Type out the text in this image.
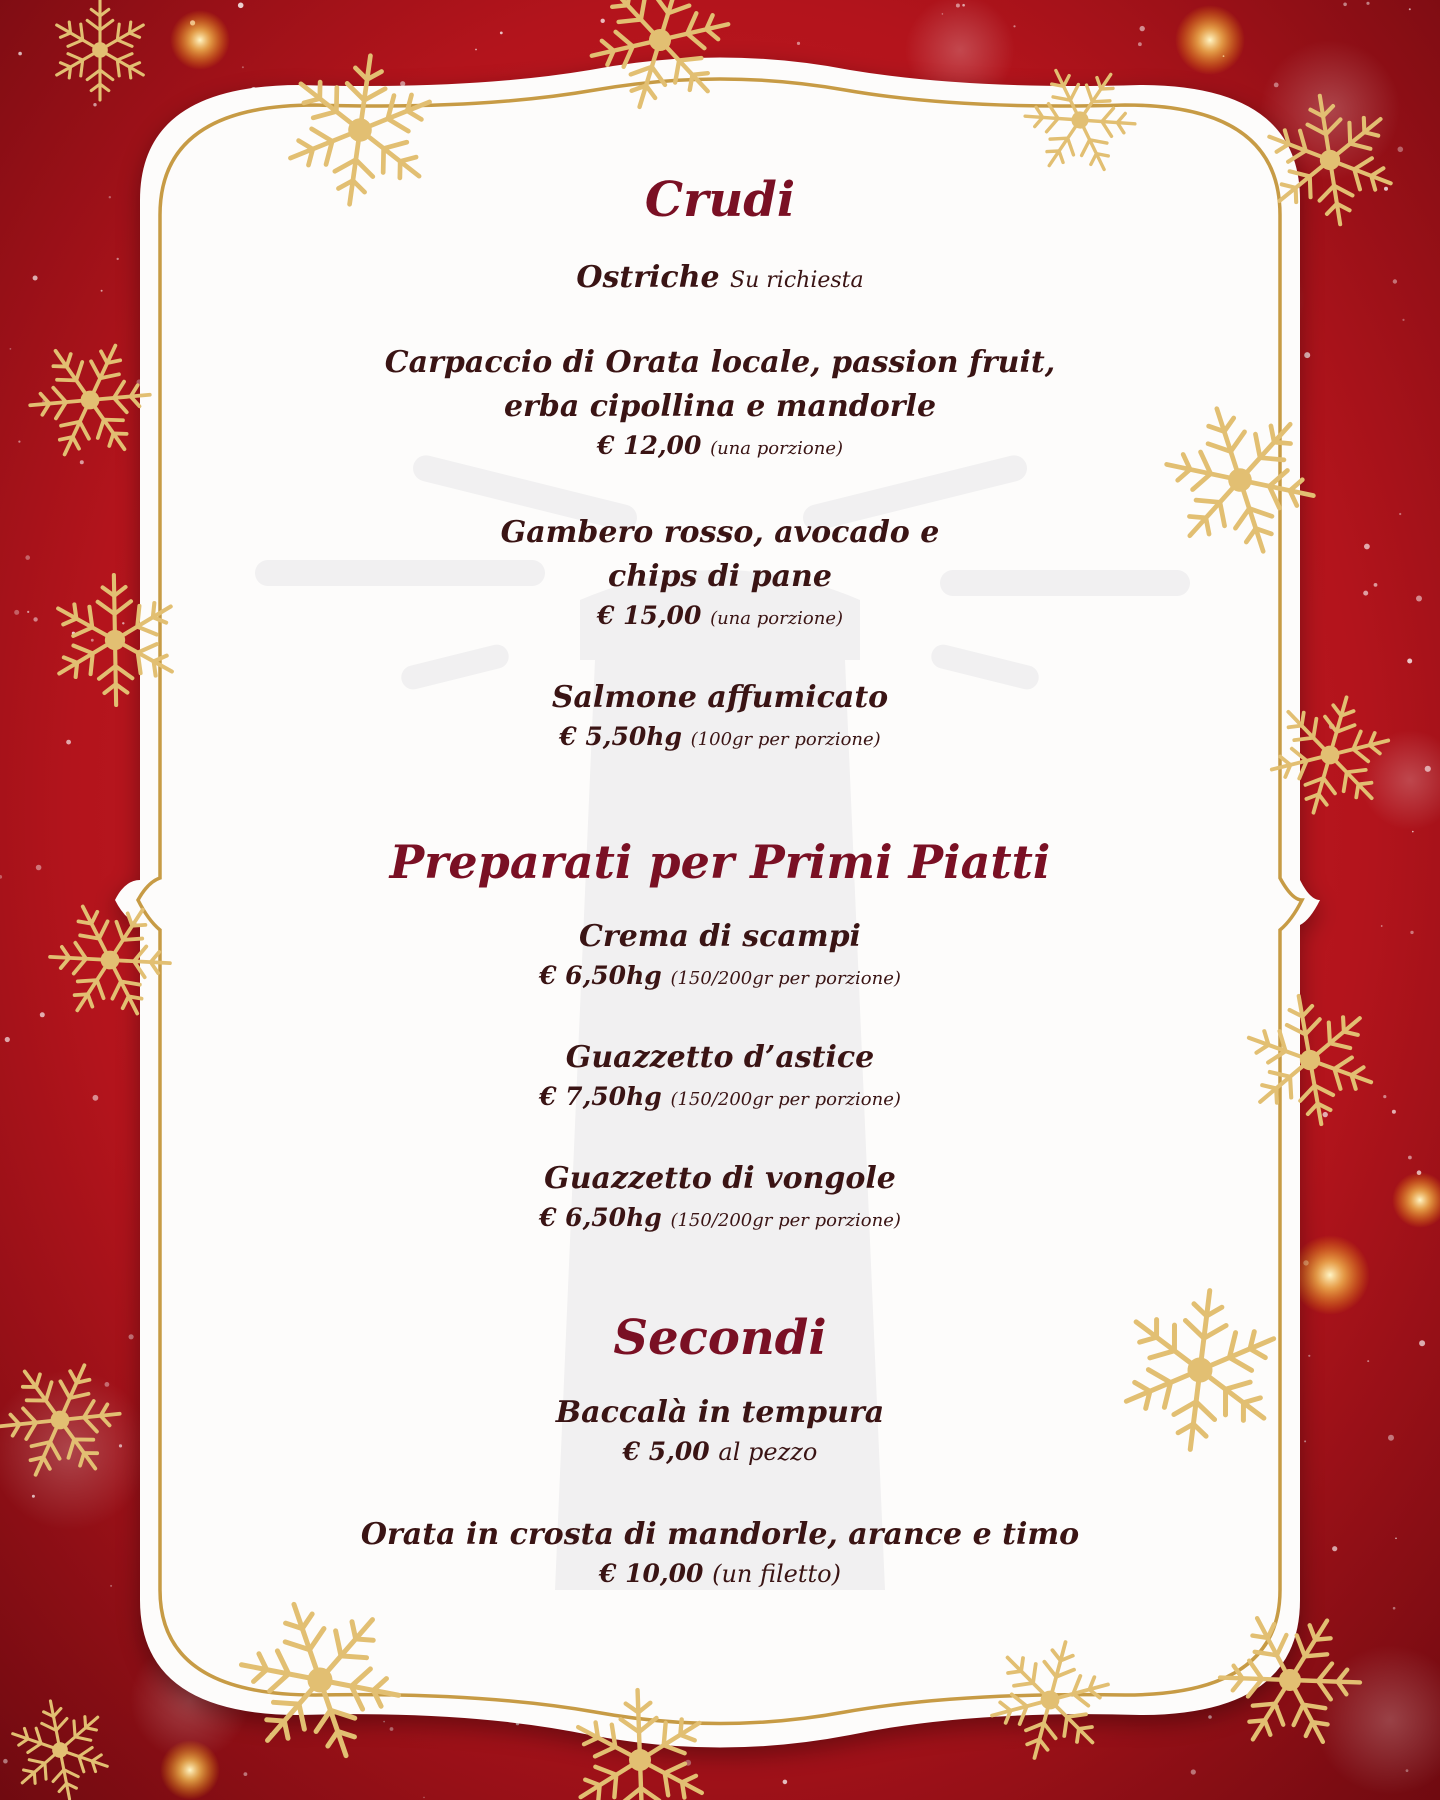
Crudi
Ostriche Su richiesta
Carpaccio di Orata locale, passion fruit,
erba cipollina e mandorle
€ 12,00 (una porzione)
Gambero rosso, avocado e
chips di pane
€ 15,00 (una porzione)
Salmone affumicato
€ 5,50hg (100gr per porzione)
Preparati per Primi Piatti
Crema di scampi
€ 6,50hg (150/200gr per porzione)
Guazzetto d’astice
€ 7,50hg (150/200gr per porzione)
Guazzetto di vongole
€ 6,50hg (150/200gr per porzione)
Secondi
Baccalà in tempura
€ 5,00 al pezzo
Orata in crosta di mandorle, arance e timo
€ 10,00 (un filetto)
